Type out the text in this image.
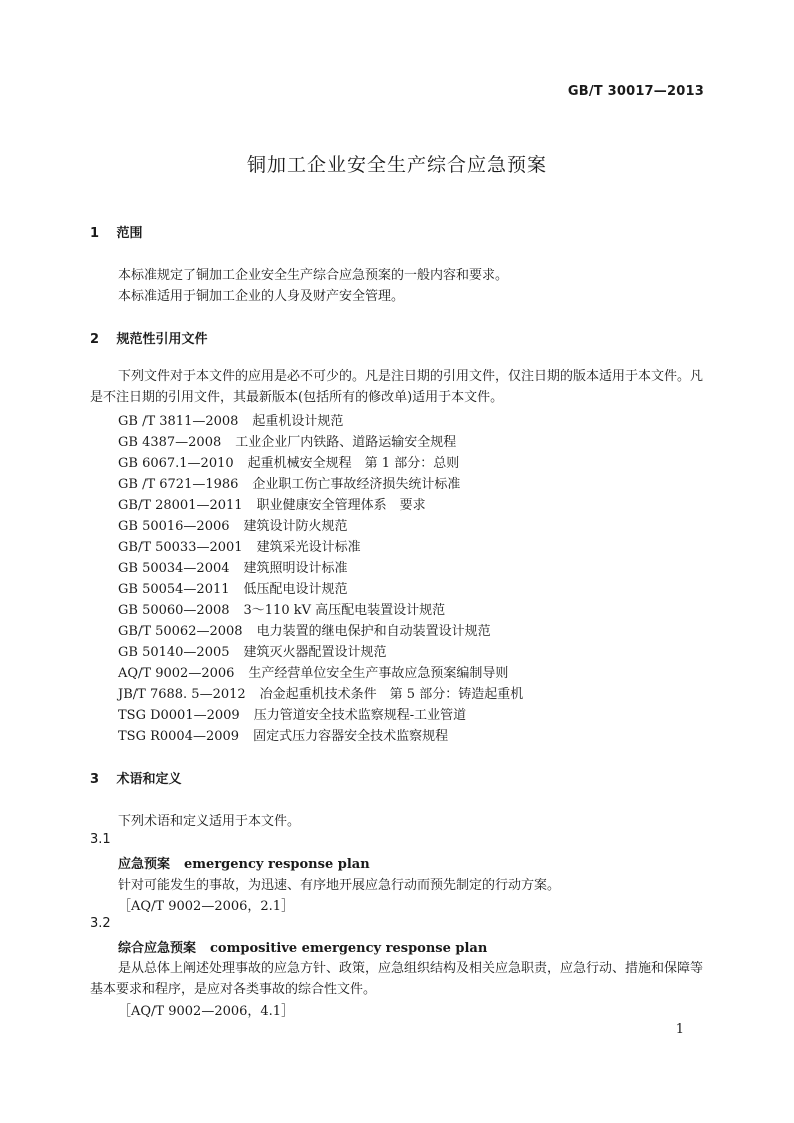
GB/T 30017—2013
铜加工企业安全生产综合应急预案
1 范围
本标准规定了铜加工企业安全生产综合应急预案的一般内容和要求。
本标准适用于铜加工企业的人身及财产安全管理。
2 规范性引用文件
下列文件对于本文件的应用是必不可少的。凡是注日期的引用文件，仅注日期的版本适用于本文件。凡是不注日期的引用文件，其最新版本(包括所有的修改单)适用于本文件。
GB /T 3811—2008 起重机设计规范
GB 4387—2008 工业企业厂内铁路、道路运输安全规程
GB 6067.1—2010 起重机械安全规程　第 1 部分：总则
GB /T 6721—1986 企业职工伤亡事故经济损失统计标准
GB/T 28001—2011 职业健康安全管理体系　要求
GB 50016—2006 建筑设计防火规范
GB/T 50033—2001 建筑采光设计标准
GB 50034—2004 建筑照明设计标准
GB 50054—2011 低压配电设计规范
GB 50060—2008 3～110 kV 高压配电装置设计规范
GB/T 50062—2008 电力装置的继电保护和自动装置设计规范
GB 50140—2005 建筑灭火器配置设计规范
AQ/T 9002—2006 生产经营单位安全生产事故应急预案编制导则
JB/T 7688. 5—2012 冶金起重机技术条件　第 5 部分：铸造起重机
TSG D0001—2009 压力管道安全技术监察规程-工业管道
TSG R0004—2009 固定式压力容器安全技术监察规程
3 术语和定义
下列术语和定义适用于本文件。
3.1
应急预案 emergency response plan
针对可能发生的事故，为迅速、有序地开展应急行动而预先制定的行动方案。
［AQ/T 9002—2006，2.1］
3.2
综合应急预案 compositive emergency response plan
是从总体上阐述处理事故的应急方针、政策，应急组织结构及相关应急职责，应急行动、措施和保障等基本要求和程序，是应对各类事故的综合性文件。
［AQ/T 9002—2006，4.1］
1
